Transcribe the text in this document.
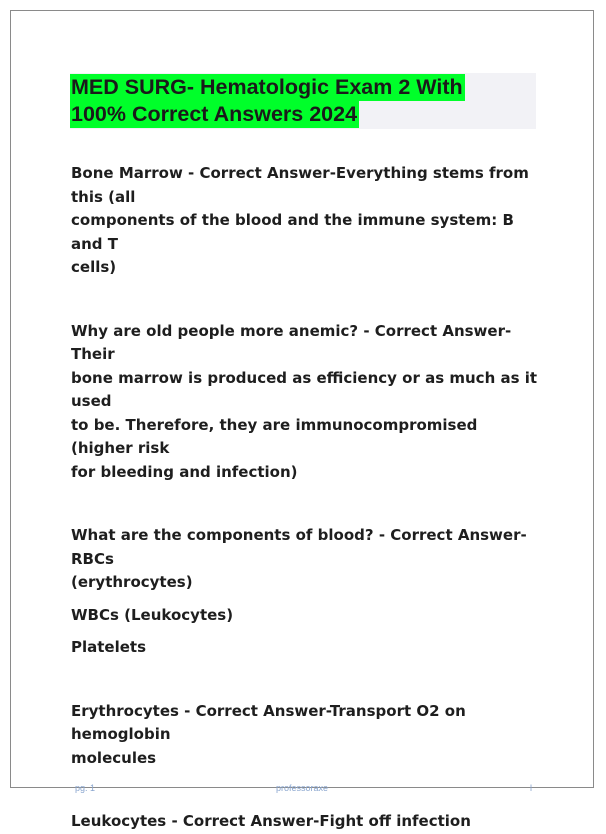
MED SURG- Hematologic Exam 2 With
100% Correct Answers 2024

Bone Marrow - Correct Answer-Everything stems from this (all
components of the blood and the immune system: B and T
cells)

Why are old people more anemic? - Correct Answer-Their
bone marrow is produced as efficiency or as much as it used
to be. Therefore, they are immunocompromised (higher risk
for bleeding and infection)

What are the components of blood? - Correct Answer-RBCs
(erythrocytes)

WBCs (Leukocytes)

Platelets

Erythrocytes - Correct Answer-Transport O2 on hemoglobin
molecules

Leukocytes - Correct Answer-Fight off infection

pg. 1	professoraxe	l
